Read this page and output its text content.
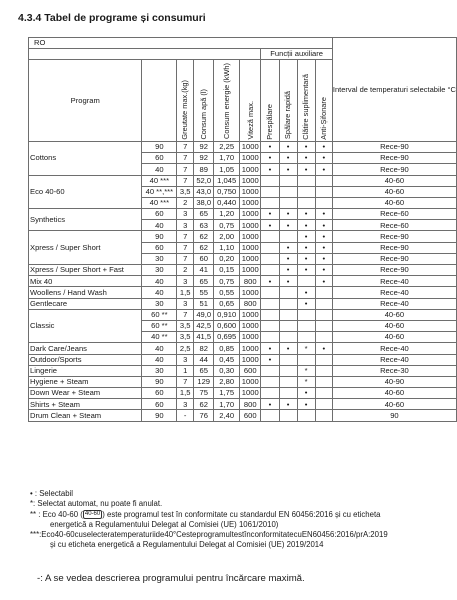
4.3.4 Tabel de programe și consumuri
RO										Interval de temperaturi selectabile °C
						Funcții auxiliare				
Program		Greutate max.(kg)	Consum apă (l)	Consum energie (kWh)	Viteză max.	Prespălare	Spălare rapidă	Clătire suplimentară	Anti-Șifonare	
Cottons	90	7	92	2,25	1000	•	•	•	•	Rece-90
	60	7	92	1,70	1000	•	•	•	•	Rece-90
	40	7	89	1,05	1000	•	•	•	•	Rece-90
Eco 40-60	40 ***	7	52,0	1,045	1000					40-60
	40 **,***	3,5	43,0	0,750	1000					40-60
	40 ***	2	38,0	0,440	1000					40-60
Synthetics	60	3	65	1,20	1000	•	•	•	•	Rece-60
	40	3	63	0,75	1000	•	•	•	•	Rece-60
Xpress / Super Short	90	7	62	2,00	1000			•	•	Rece-90
	60	7	62	1,10	1000		•	•	•	Rece-90
	30	7	60	0,20	1000		•	•	•	Rece-90
Xpress / Super Short + Fast	30	2	41	0,15	1000		•	•	•	Rece-90
Mix 40	40	3	65	0,75	800	•	•		•	Rece-40
Woollens / Hand Wash	40	1,5	55	0,55	1000			•		Rece-40
Gentlecare	30	3	51	0,65	800			•		Rece-40
Classic	60 **	7	49,0	0,910	1000					40-60
	60 **	3,5	42,5	0,600	1000					40-60
	40 **	3,5	41,5	0,695	1000					40-60
Dark Care/Jeans	40	2,5	82	0,85	1000	•	•	*	•	Rece-40
Outdoor/Sports	40	3	44	0,45	1000	•				Rece-40
Lingerie	30	1	65	0,30	600			*		Rece-30
Hygiene + Steam	90	7	129	2,80	1000			*		40-90
Down Wear + Steam	60	1,5	75	1,75	1000			•		40-60
Shirts + Steam	60	3	62	1,70	800	•	•	•		40-60
Drum Clean + Steam	90	-	76	2,40	600					90

• : Selectabil

*: Selectat automat, nu poate fi anulat.

** : Eco 40-60 ( 40-60 ) este programul test în conformitate cu standardul EN 60456:2016 și cu eticheta

energetică a Regulamentului Delegat al Comisiei (UE) 1061/2010)

***:Eco40-60cuselecteratemperaturiide40°CesteprogramultestînconformitatecuEN60456:2016/prA:2019

și cu eticheta energetică a Regulamentului Delegat al Comisiei (UE) 2019/2014

-: A se vedea descrierea programului pentru încărcare maximă.
